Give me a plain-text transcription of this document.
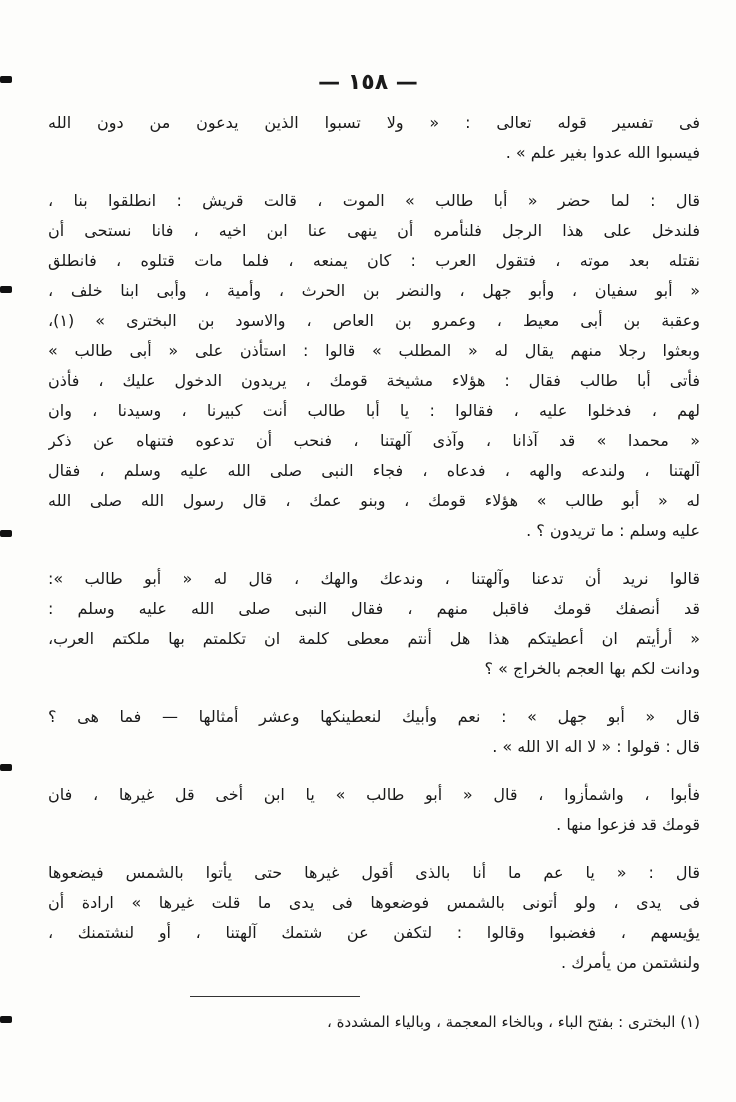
— ١٥٨ —
فى تفسير قوله تعالى : « ولا تسبوا الذين يدعون من دون الله
فيسبوا الله عدوا بغير علم » .
قال : لما حضر « أبا طالب » الموت ، قالت قريش : انطلقوا بنا ،
فلندخل على هذا الرجل فلنأمره أن ينهى عنا ابن اخيه ، فانا نستحى أن
نقتله بعد موته ، فتقول العرب : كان يمنعه ، فلما مات قتلوه ، فانطلق
« أبو سفيان ، وأبو جهل ، والنضر بن الحرث ، وأمية ، وأبى ابنا خلف ،
وعقبة بن أبى معيط ، وعمرو بن العاص ، والاسود بن البخترى » (١)،
وبعثوا رجلا منهم يقال له « المطلب » قالوا : استأذن على « أبى طالب »
فأتى أبا طالب فقال : هؤلاء مشيخة قومك ، يريدون الدخول عليك ، فأذن
لهم ، فدخلوا عليه ، فقالوا : يا أبا طالب أنت كبيرنا ، وسيدنا ، وان
« محمدا » قد آذانا ، وآذى آلهتنا ، فنحب أن تدعوه فتنهاه عن ذكر
آلهتنا ، ولندعه والهه ، فدعاه ، فجاء النبى صلى الله عليه وسلم ، فقال
له « أبو طالب » هؤلاء قومك ، وبنو عمك ، قال رسول الله صلى الله
عليه وسلم : ما تريدون ؟ .
قالوا نريد أن تدعنا وآلهتنا ، وندعك والهك ، قال له « أبو طالب »:
قد أنصفك قومك فاقبل منهم ، فقال النبى صلى الله عليه وسلم :
« أرأيتم ان أعطيتكم هذا هل أنتم معطى كلمة ان تكلمتم بها ملكتم العرب،
ودانت لكم بها العجم بالخراج » ؟
قال « أبو جهل » : نعم وأبيك لنعطينكها وعشر أمثالها — فما هى ؟
قال : قولوا : « لا اله الا الله » .
فأبوا ، واشمأزوا ، قال « أبو طالب » يا ابن أخى قل غيرها ، فان
قومك قد فزعوا منها .
قال : « يا عم ما أنا بالذى أقول غيرها حتى يأتوا بالشمس فيضعوها
فى يدى ، ولو أتونى بالشمس فوضعوها فى يدى ما قلت غيرها » ارادة أن
يؤيسهم ، فغضبوا وقالوا : لتكفن عن شتمك آلهتنا ، أو لنشتمنك ،
ولنشتمن من يأمرك .
(١) البخترى : بفتح الباء ، وبالخاء المعجمة ، وبالياء المشددة ،
